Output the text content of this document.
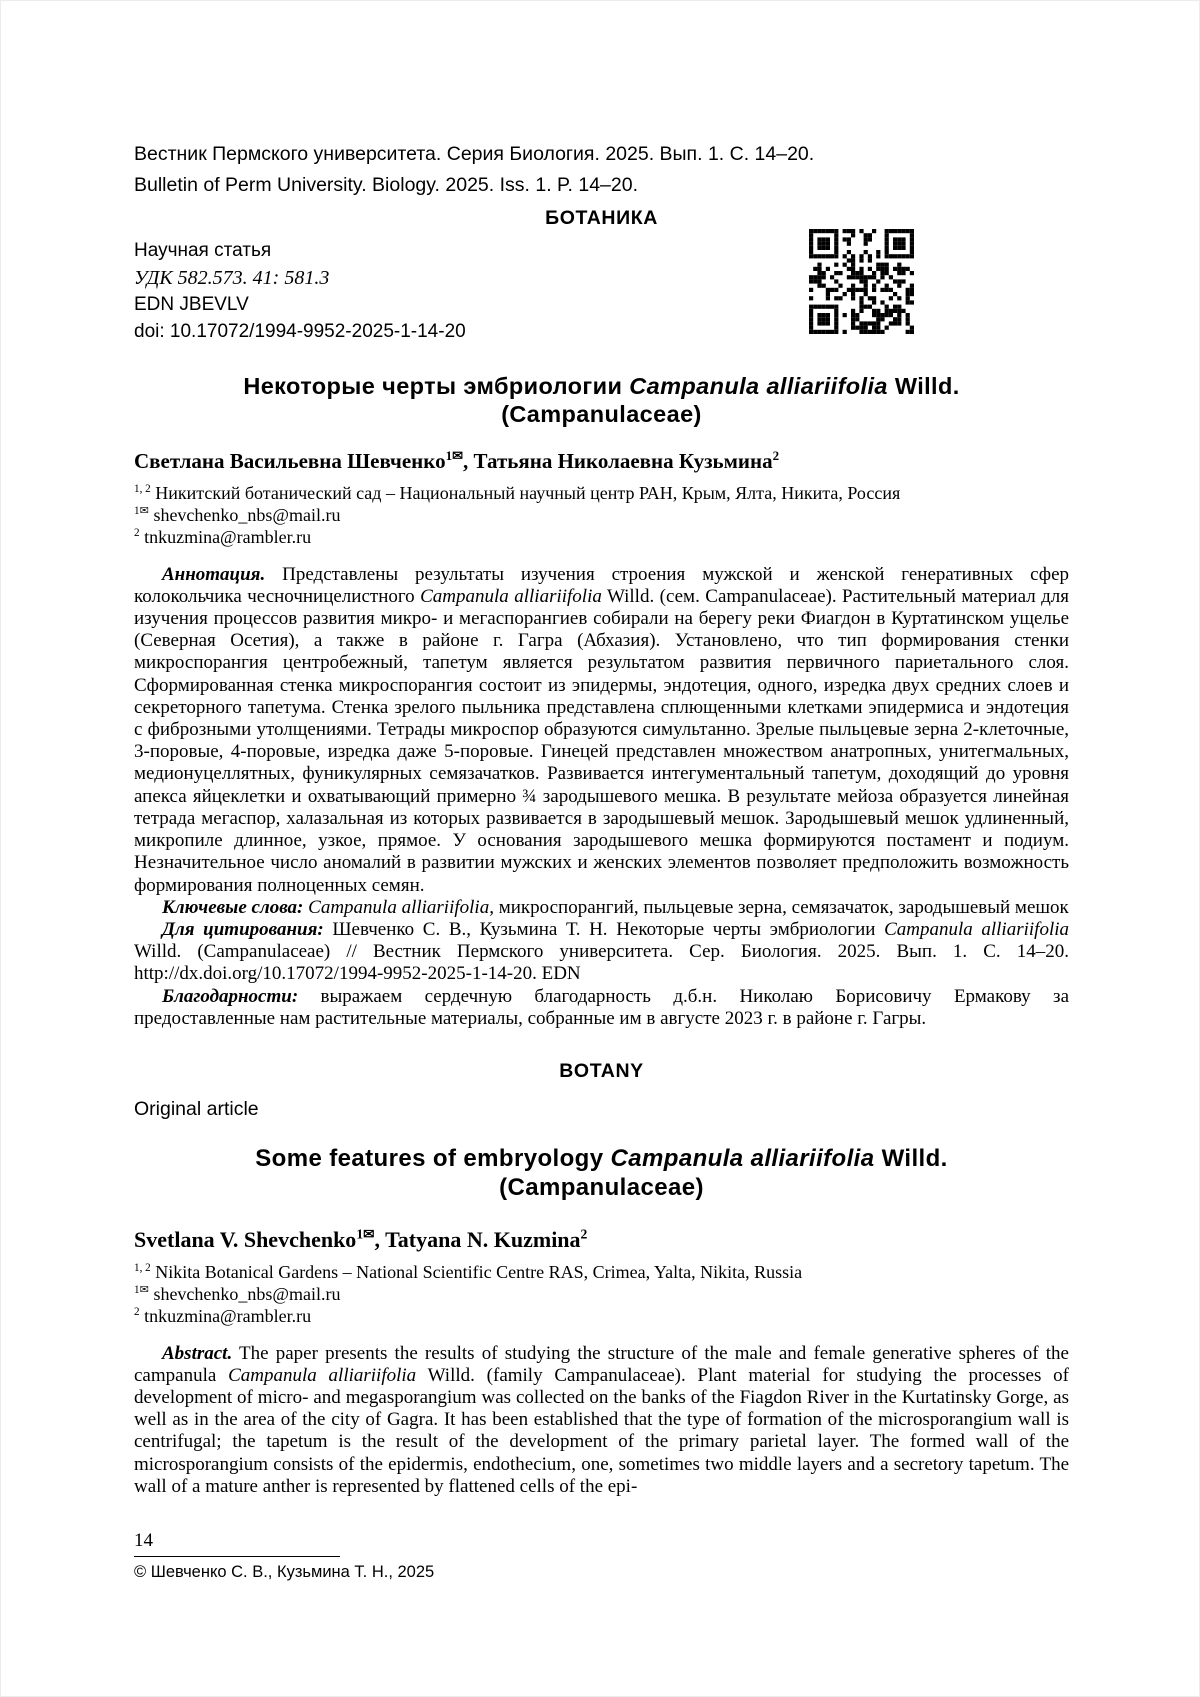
Вестник Пермского университета. Серия Биология. 2025. Вып. 1. С. 14–20.
Bulletin of Perm University. Biology. 2025. Iss. 1. P. 14–20.
БОТАНИКА
Научная статья
УДК 582.573. 41: 581.3
EDN JBEVLV
doi: 10.17072/1994-9952-2025-1-14-20
Некоторые черты эмбриологии Campanula alliariifolia Willd.
(Campanulaceae)

Светлана Васильевна Шевченко$^{1✉}$, Татьяна Николаевна Кузьмина$^2$

$^{1, 2}$ Никитский ботанический сад – Национальный научный центр РАН, Крым, Ялта, Никита, Россия

$^{1✉}$ shevchenko_nbs@mail.ru

$^2$ tnkuzmina@rambler.ru

Аннотация. Представлены результаты изучения строения мужской и женской генеративных сфер колокольчика чесночницелистного Campanula alliariifolia Willd. (сем. Campanulaceae). Растительный материал для изучения процессов развития микро- и мегаспорангиев собирали на берегу реки Фиагдон в Куртатинском ущелье (Северная Осетия), а также в районе г. Гагра (Абхазия). Установлено, что тип формирования стенки микроспорангия центробежный, тапетум является результатом развития первичного париетального слоя. Сформированная стенка микроспорангия состоит из эпидермы, эндотеция, одного, изредка двух средних слоев и секреторного тапетума. Стенка зрелого пыльника представлена сплющенными клетками эпидермиса и эндотеция с фиброзными утолщениями. Тетрады микроспор образуются симультанно. Зрелые пыльцевые зерна 2-клеточные, 3-поровые, 4-поровые, изредка даже 5-поровые. Гинецей представлен множеством анатропных, унитегмальных, медионуцеллятных, фуникулярных семязачатков. Развивается интегументальный тапетум, доходящий до уровня апекса яйцеклетки и охватывающий примерно ¾ зародышевого мешка. В результате мейоза образуется линейная тетрада мегаспор, халазальная из которых развивается в зародышевый мешок. Зародышевый мешок удлиненный, микропиле длинное, узкое, прямое. У основания зародышевого мешка формируются постамент и подиум. Незначительное число аномалий в развитии мужских и женских элементов позволяет предположить возможность формирования полноценных семян.

Ключевые слова: Campanula alliariifolia, микроспорангий, пыльцевые зерна, семязачаток, зародышевый мешок

Для цитирования: Шевченко С. В., Кузьмина Т. Н. Некоторые черты эмбриологии Campanula alliariifolia Willd. (Campanulaceae) // Вестник Пермского университета. Сер. Биология. 2025. Вып. 1. С. 14–20. http://dx.doi.org/10.17072/1994-9952-2025-1-14-20. EDN

Благодарности: выражаем сердечную благодарность д.б.н. Николаю Борисовичу Ермакову за предоставленные нам растительные материалы, собранные им в августе 2023 г. в районе г. Гагры.

BOTANY
Original article
Some features of embryology Campanula alliariifolia Willd.
(Campanulaceae)

Svetlana V. Shevchenko$^{1✉}$, Tatyana N. Kuzmina$^2$

$^{1, 2}$ Nikita Botanical Gardens – National Scientific Centre RAS, Crimea, Yalta, Nikita, Russia

$^{1✉}$ shevchenko_nbs@mail.ru

$^2$ tnkuzmina@rambler.ru

Abstract. The paper presents the results of studying the structure of the male and female generative spheres of the campanula Campanula alliariifolia Willd. (family Campanulaceae). Plant material for studying the processes of development of micro- and megasporangium was collected on the banks of the Fiagdon River in the Kurtatinsky Gorge, as well as in the area of the city of Gagra. It has been established that the type of formation of the microsporangium wall is centrifugal; the tapetum is the result of the development of the primary parietal layer. The formed wall of the microsporangium consists of the epidermis, endothecium, one, sometimes two middle layers and a secretory tapetum. The wall of a mature anther is represented by flattened cells of the epi-

14
© Шевченко С. В., Кузьмина Т. Н., 2025
